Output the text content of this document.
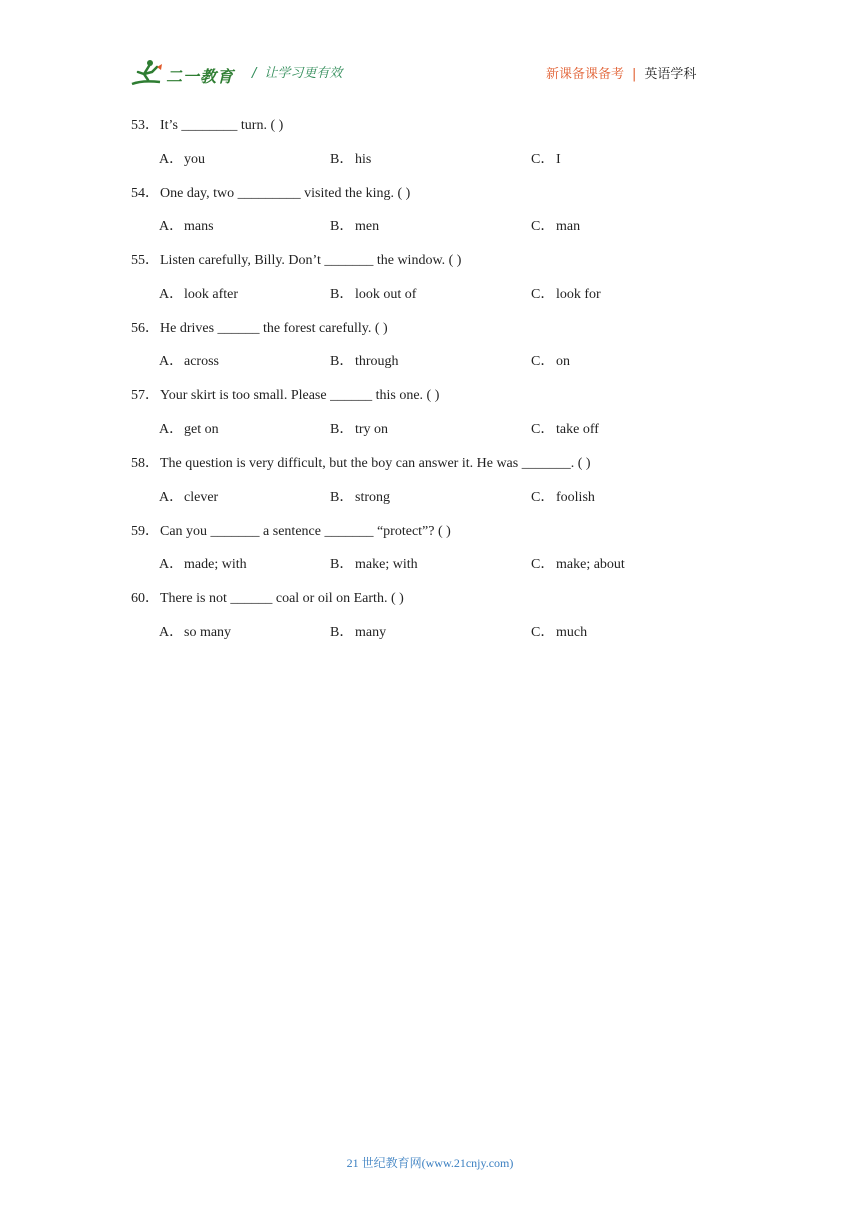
二一教育 / 让学习更有效	新课备课备考 | 英语学科
53．It’s ________ turn. ( )
A．you	B． his	C． I
54．One day, two _________ visited the king. ( )
A．mans	B． men	C． man
55．Listen carefully, Billy. Don’t _______ the window. ( )
A．look after	B． look out of	C． look for
56．He drives ______ the forest carefully. ( )
A．across	B． through	C． on
57．Your skirt is too small. Please ______ this one. ( )
A．get on	B． try on	C． take off
58．The question is very difficult, but the boy can answer it. He was _______. ( )
A．clever	B． strong	C． foolish
59．Can you _______ a sentence _______ “protect”? ( )
A．made; with	B． make; with	C． make; about
60．There is not ______ coal or oil on Earth. ( )
A．so many	B． many	C． much
21 世纪教育网(www.21cnjy.com)
